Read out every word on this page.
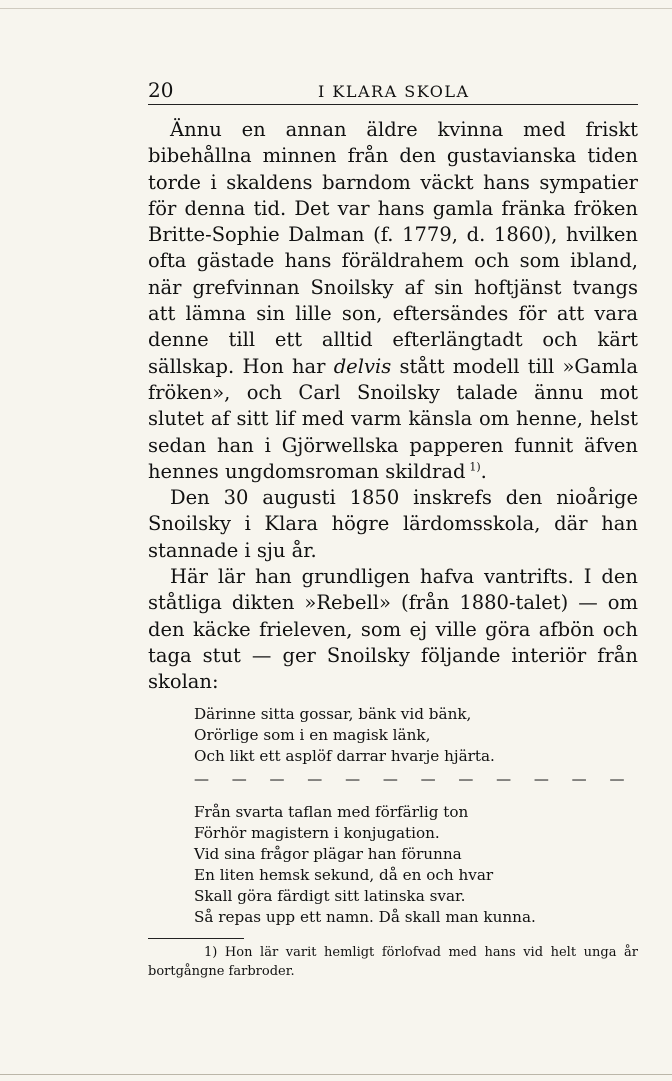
20	I KLARA SKOLA

Ännu en annan äldre kvinna med friskt bibehållna minnen från den gustavianska tiden torde i skaldens barndom väckt hans sympatier för denna tid. Det var hans gamla fränka fröken Britte-Sophie Dalman (f. 1779, d. 1860), hvilken ofta gästade hans föräldrahem och som ibland, när grefvinnan Snoilsky af sin hoftjänst tvangs att lämna sin lille son, eftersändes för att vara denne till ett alltid efterlängtadt och kärt sällskap. Hon har delvis stått modell till »Gamla fröken», och Carl Snoilsky talade ännu mot slutet af sitt lif med varm känsla om henne, helst sedan han i Gjörwellska papperen funnit äfven hennes ungdomsroman skildrad  $^{1)}$.

Den 30 augusti 1850 inskrefs den nioårige Snoilsky i Klara högre lärdomsskola, där han stannade i sju år.

Här lär han grundligen hafva vantrifts. I den ståtliga dikten »Rebell» (från 1880-talet) — om den käcke frieleven, som ej ville göra afbön och taga stut — ger Snoilsky följande interiör från skolan:

Därinne sitta gossar, bänk vid bänk,
Orörlige som i en magisk länk,
Och likt ett asplöf darrar hvarje hjärta.
— — — — — — — — — — — —
Från svarta taflan med förfärlig ton
Förhör magistern i konjugation.
Vid sina frågor plägar han förunna
En liten hemsk sekund, då en och hvar
Skall göra färdigt sitt latinska svar.
Så repas upp ett namn. Då skall man kunna.

1) Hon lär varit hemligt förlofvad med hans vid helt unga år bortgångne farbroder.
